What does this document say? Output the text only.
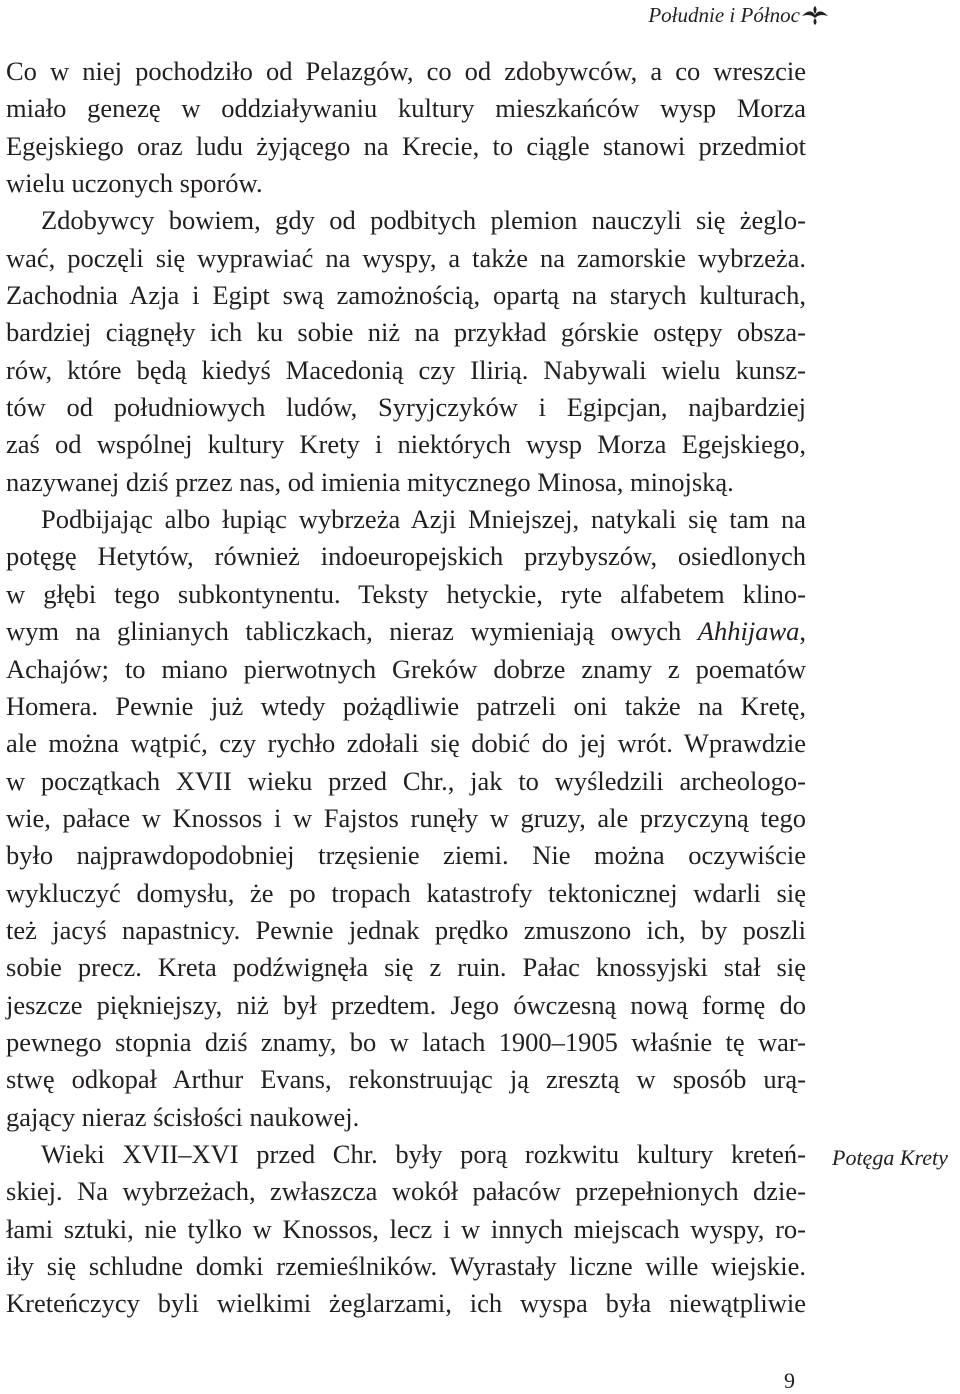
Południe i Północ
Co w niej pochodziło od Pelazgów, co od zdobywców, a co wreszcie
miało genezę w oddziaływaniu kultury mieszkańców wysp Morza
Egejskiego oraz ludu żyjącego na Krecie, to ciągle stanowi przedmiot
wielu uczonych sporów.
Zdobywcy bowiem, gdy od podbitych plemion nauczyli się żeglo-
wać, poczęli się wyprawiać na wyspy, a także na zamorskie wybrzeża.
Zachodnia Azja i Egipt swą zamożnością, opartą na starych kulturach,
bardziej ciągnęły ich ku sobie niż na przykład górskie ostępy obsza-
rów, które będą kiedyś Macedonią czy Ilirią. Nabywali wielu kunsz-
tów od południowych ludów, Syryjczyków i Egipcjan, najbardziej
zaś od wspólnej kultury Krety i niektórych wysp Morza Egejskiego,
nazywanej dziś przez nas, od imienia mitycznego Minosa, minojską.
Podbijając albo łupiąc wybrzeża Azji Mniejszej, natykali się tam na
potęgę Hetytów, również indoeuropejskich przybyszów, osiedlonych
w głębi tego subkontynentu. Teksty hetyckie, ryte alfabetem klino-
wym na glinianych tabliczkach, nieraz wymieniają owych Ahhijawa,
Achajów; to miano pierwotnych Greków dobrze znamy z poematów
Homera. Pewnie już wtedy pożądliwie patrzeli oni także na Kretę,
ale można wątpić, czy rychło zdołali się dobić do jej wrót. Wprawdzie
w początkach XVII wieku przed Chr., jak to wyśledzili archeologo-
wie, pałace w Knossos i w Fajstos runęły w gruzy, ale przyczyną tego
było najprawdopodobniej trzęsienie ziemi. Nie można oczywiście
wykluczyć domysłu, że po tropach katastrofy tektonicznej wdarli się
też jacyś napastnicy. Pewnie jednak prędko zmuszono ich, by poszli
sobie precz. Kreta podźwignęła się z ruin. Pałac knossyjski stał się
jeszcze piękniejszy, niż był przedtem. Jego ówczesną nową formę do
pewnego stopnia dziś znamy, bo w latach 1900–1905 właśnie tę war-
stwę odkopał Arthur Evans, rekonstruując ją zresztą w sposób urą-
gający nieraz ścisłości naukowej.
Wieki XVII–XVI przed Chr. były porą rozkwitu kultury kreteń-
skiej. Na wybrzeżach, zwłaszcza wokół pałaców przepełnionych dzie-
łami sztuki, nie tylko w Knossos, lecz i w innych miejscach wyspy, ro-
iły się schludne domki rzemieślników. Wyrastały liczne wille wiejskie.
Kreteńczycy byli wielkimi żeglarzami, ich wyspa była niewątpliwie
Potęga Krety
9
